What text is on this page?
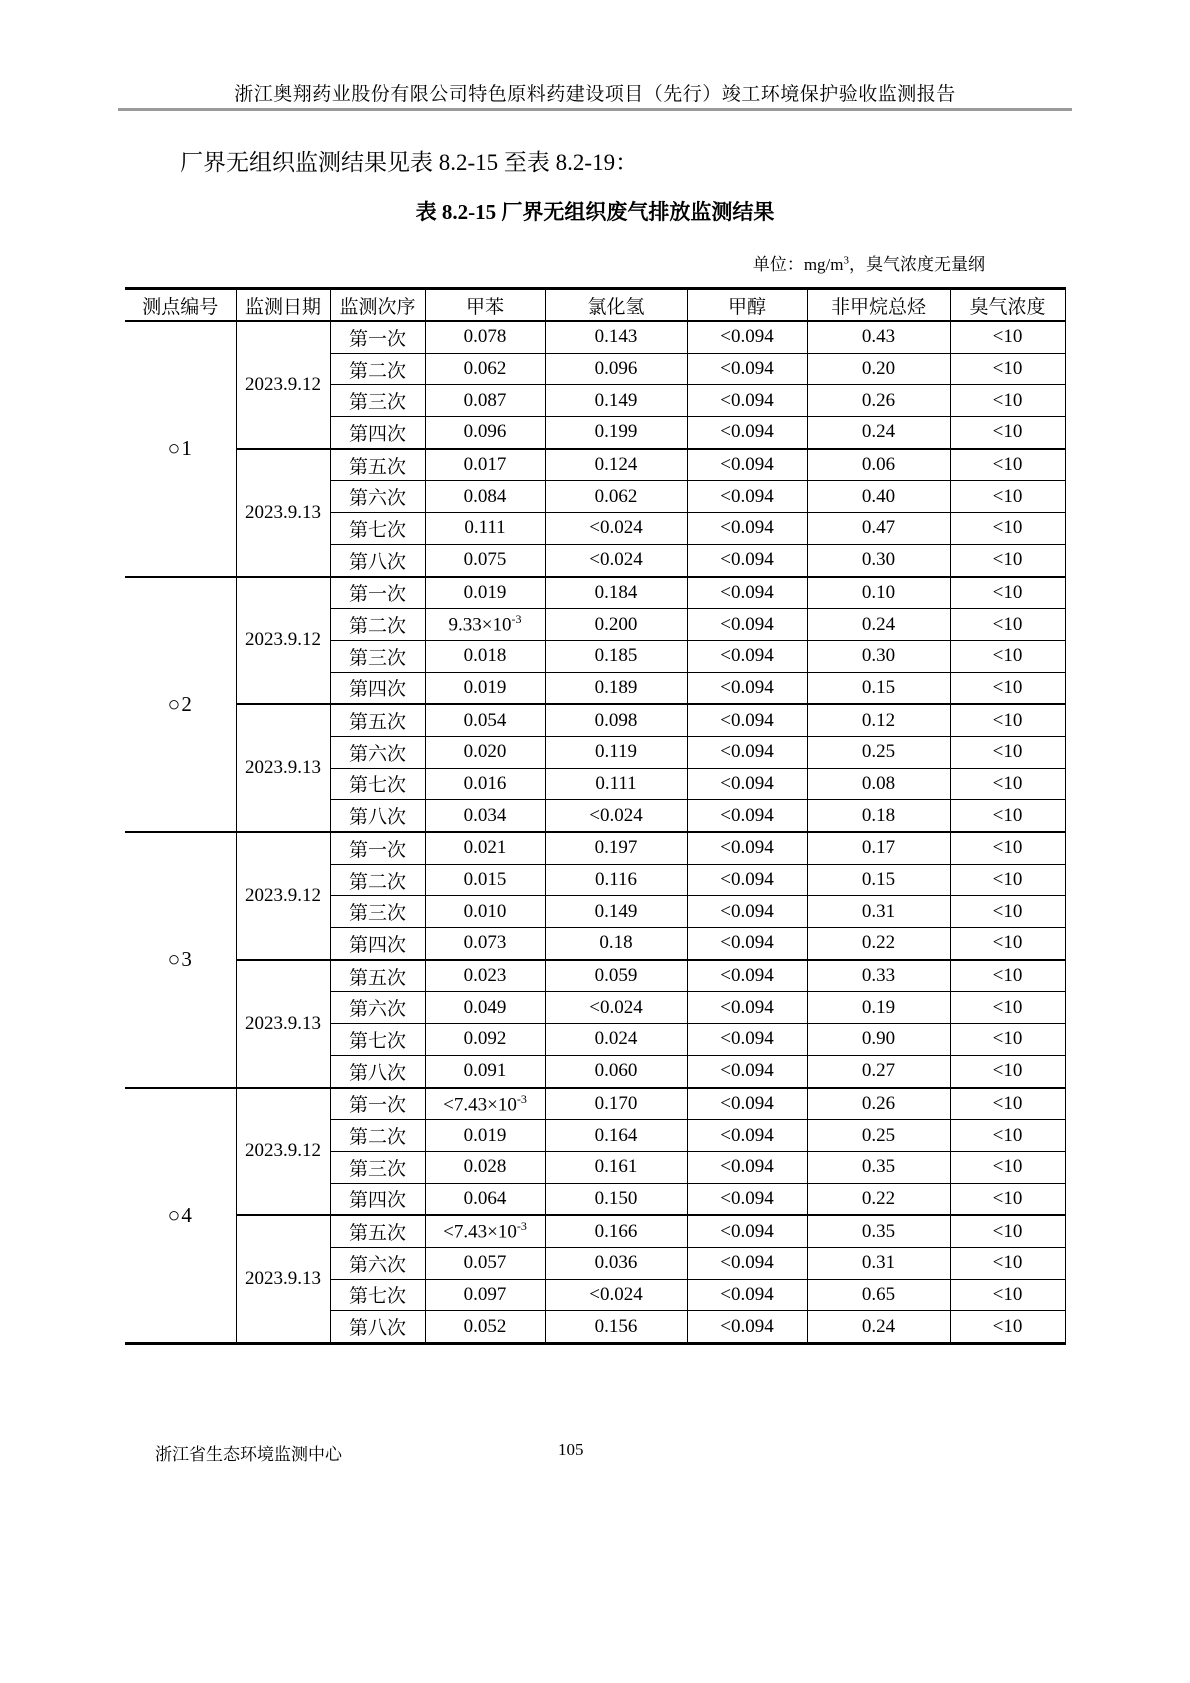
浙江奥翔药业股份有限公司特色原料药建设项目（先行）竣工环境保护验收监测报告

厂界无组织监测结果见表 8.2-15 至表 8.2-19：

表 8.2-15 厂界无组织废气排放监测结果
单位：$mg/m^3$，臭气浓度无量纲
测点编号	监测日期	监测次序	甲苯	氯化氢	甲醇	非甲烷总烃	臭气浓度
○1	2023.9.12	第一次	0.078	0.143	<0.094	0.43	<10
		第二次	0.062	0.096	<0.094	0.20	<10
		第三次	0.087	0.149	<0.094	0.26	<10
		第四次	0.096	0.199	<0.094	0.24	<10
	2023.9.13	第五次	0.017	0.124	<0.094	0.06	<10
		第六次	0.084	0.062	<0.094	0.40	<10
		第七次	0.111	<0.024	<0.094	0.47	<10
		第八次	0.075	<0.024	<0.094	0.30	<10
○2	2023.9.12	第一次	0.019	0.184	<0.094	0.10	<10
		第二次	$9.33\times 10^{-3}$	0.200	<0.094	0.24	<10
		第三次	0.018	0.185	<0.094	0.30	<10
		第四次	0.019	0.189	<0.094	0.15	<10
	2023.9.13	第五次	0.054	0.098	<0.094	0.12	<10
		第六次	0.020	0.119	<0.094	0.25	<10
		第七次	0.016	0.111	<0.094	0.08	<10
		第八次	0.034	<0.024	<0.094	0.18	<10
○3	2023.9.12	第一次	0.021	0.197	<0.094	0.17	<10
		第二次	0.015	0.116	<0.094	0.15	<10
		第三次	0.010	0.149	<0.094	0.31	<10
		第四次	0.073	0.18	<0.094	0.22	<10
	2023.9.13	第五次	0.023	0.059	<0.094	0.33	<10
		第六次	0.049	<0.024	<0.094	0.19	<10
		第七次	0.092	0.024	<0.094	0.90	<10
		第八次	0.091	0.060	<0.094	0.27	<10
○4	2023.9.12	第一次	$<7.43\times 10^{-3}$	0.170	<0.094	0.26	<10
		第二次	0.019	0.164	<0.094	0.25	<10
		第三次	0.028	0.161	<0.094	0.35	<10
		第四次	0.064	0.150	<0.094	0.22	<10
	2023.9.13	第五次	$<7.43\times 10^{-3}$	0.166	<0.094	0.35	<10
		第六次	0.057	0.036	<0.094	0.31	<10
		第七次	0.097	<0.024	<0.094	0.65	<10
		第八次	0.052	0.156	<0.094	0.24	<10
浙江省生态环境监测中心	105
